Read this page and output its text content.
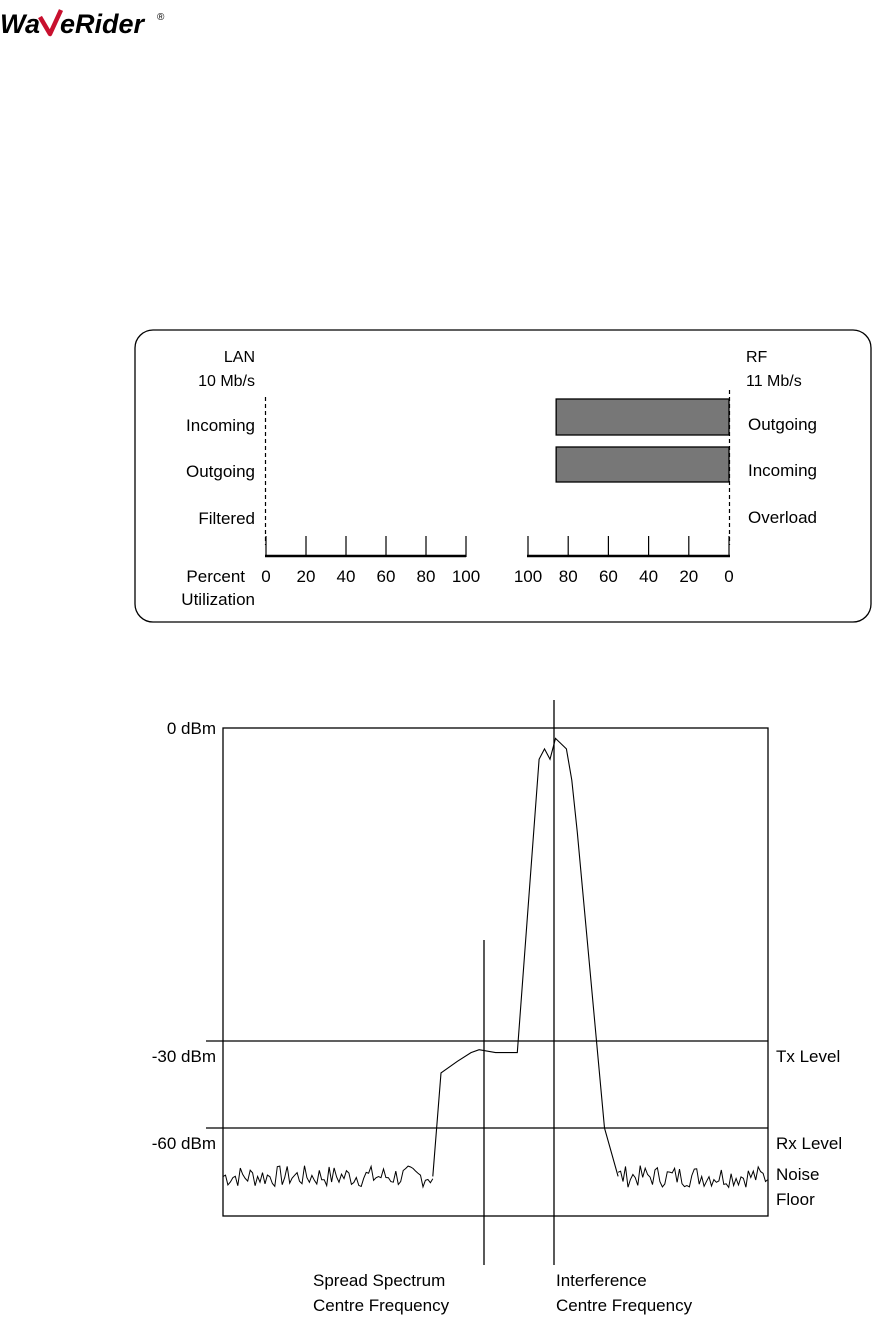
Wa eRider ®
LAN
10 Mb/s
Incoming
Outgoing
Filtered
RF
11 Mb/s
Outgoing
Incoming
Overload
0 20 40 60 80 100 100 80 60 40 20 0
Percent
Utilization
0 dBm
-30 dBm
-60 dBm
Tx Level
Rx Level
Noise
Floor
Spread Spectrum
Centre Frequency
Interference
Centre Frequency
